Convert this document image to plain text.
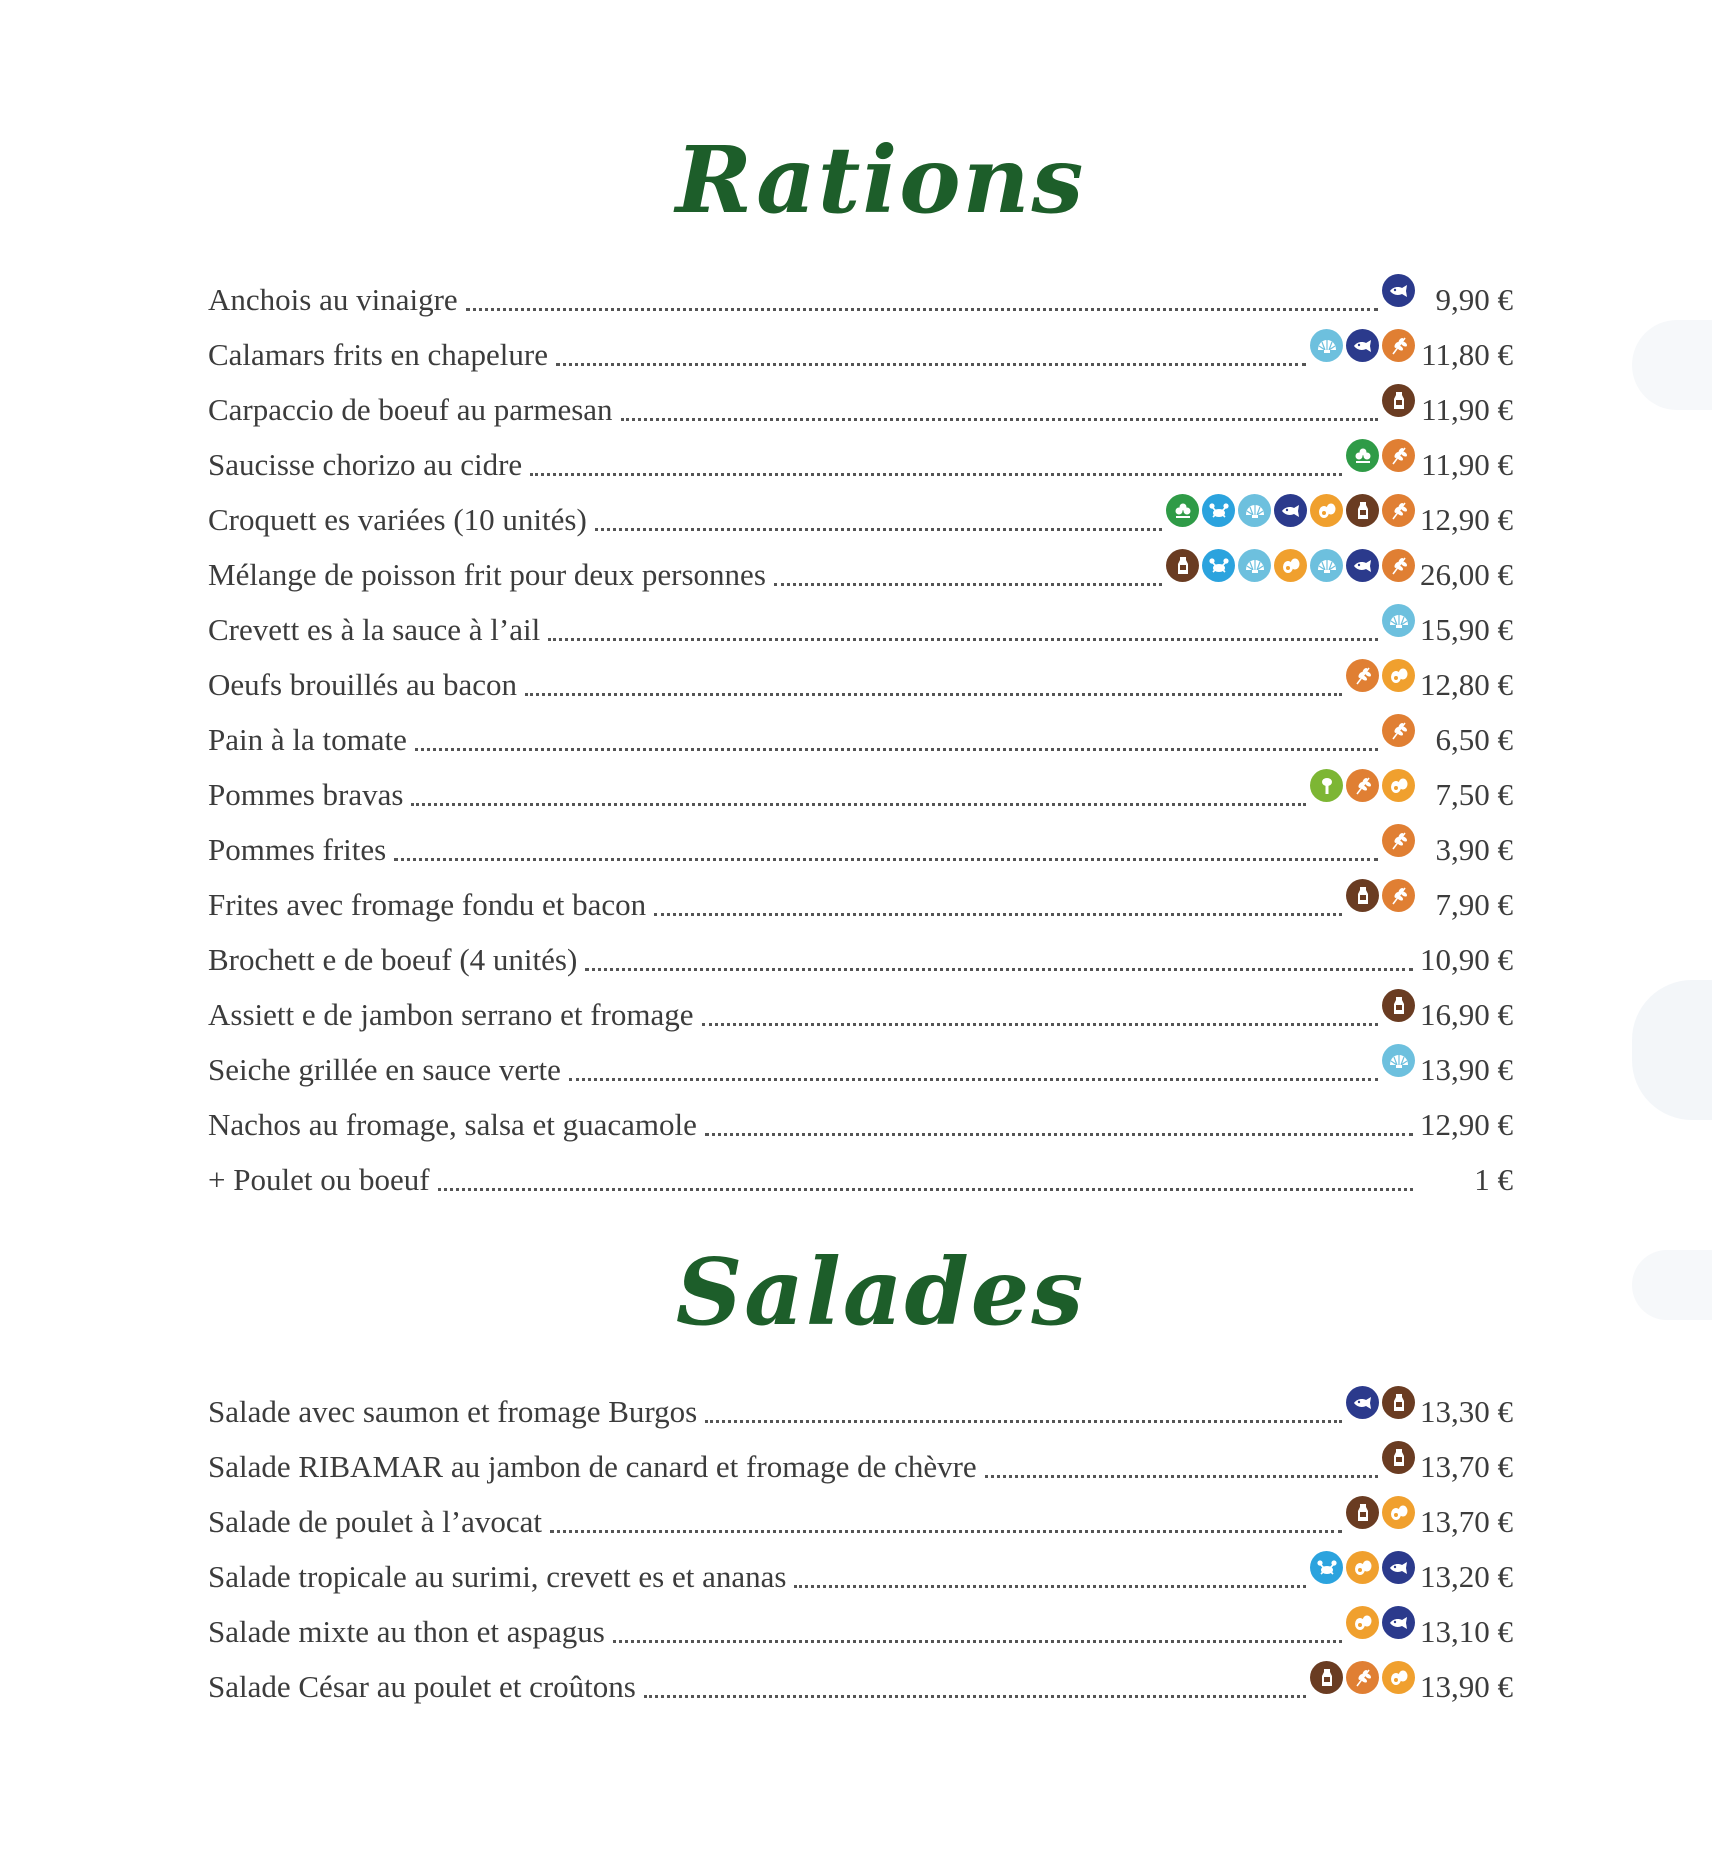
Rations
Anchois au vinaigre	9,90 €
Calamars frits en chapelure	11,80 €
Carpaccio de boeuf au parmesan	11,90 €
Saucisse chorizo au cidre	11,90 €
Croquett es variées (10 unités)	12,90 €
Mélange de poisson frit pour deux personnes	26,00 €
Crevett es à la sauce à l’ail	15,90 €
Oeufs brouillés au bacon	12,80 €
Pain à la tomate	6,50 €
Pommes bravas	7,50 €
Pommes frites	3,90 €
Frites avec fromage fondu et bacon	7,90 €
Brochett e de boeuf (4 unités)	10,90 €
Assiett e de jambon serrano et fromage	16,90 €
Seiche grillée en sauce verte	13,90 €
Nachos au fromage, salsa et guacamole	12,90 €
+ Poulet ou boeuf	1 €
Salades
Salade avec saumon et fromage Burgos	13,30 €
Salade RIBAMAR au jambon de canard et fromage de chèvre	13,70 €
Salade de poulet à l’avocat	13,70 €
Salade tropicale au surimi, crevett es et ananas	13,20 €
Salade mixte au thon et aspagus	13,10 €
Salade César au poulet et croûtons	13,90 €
